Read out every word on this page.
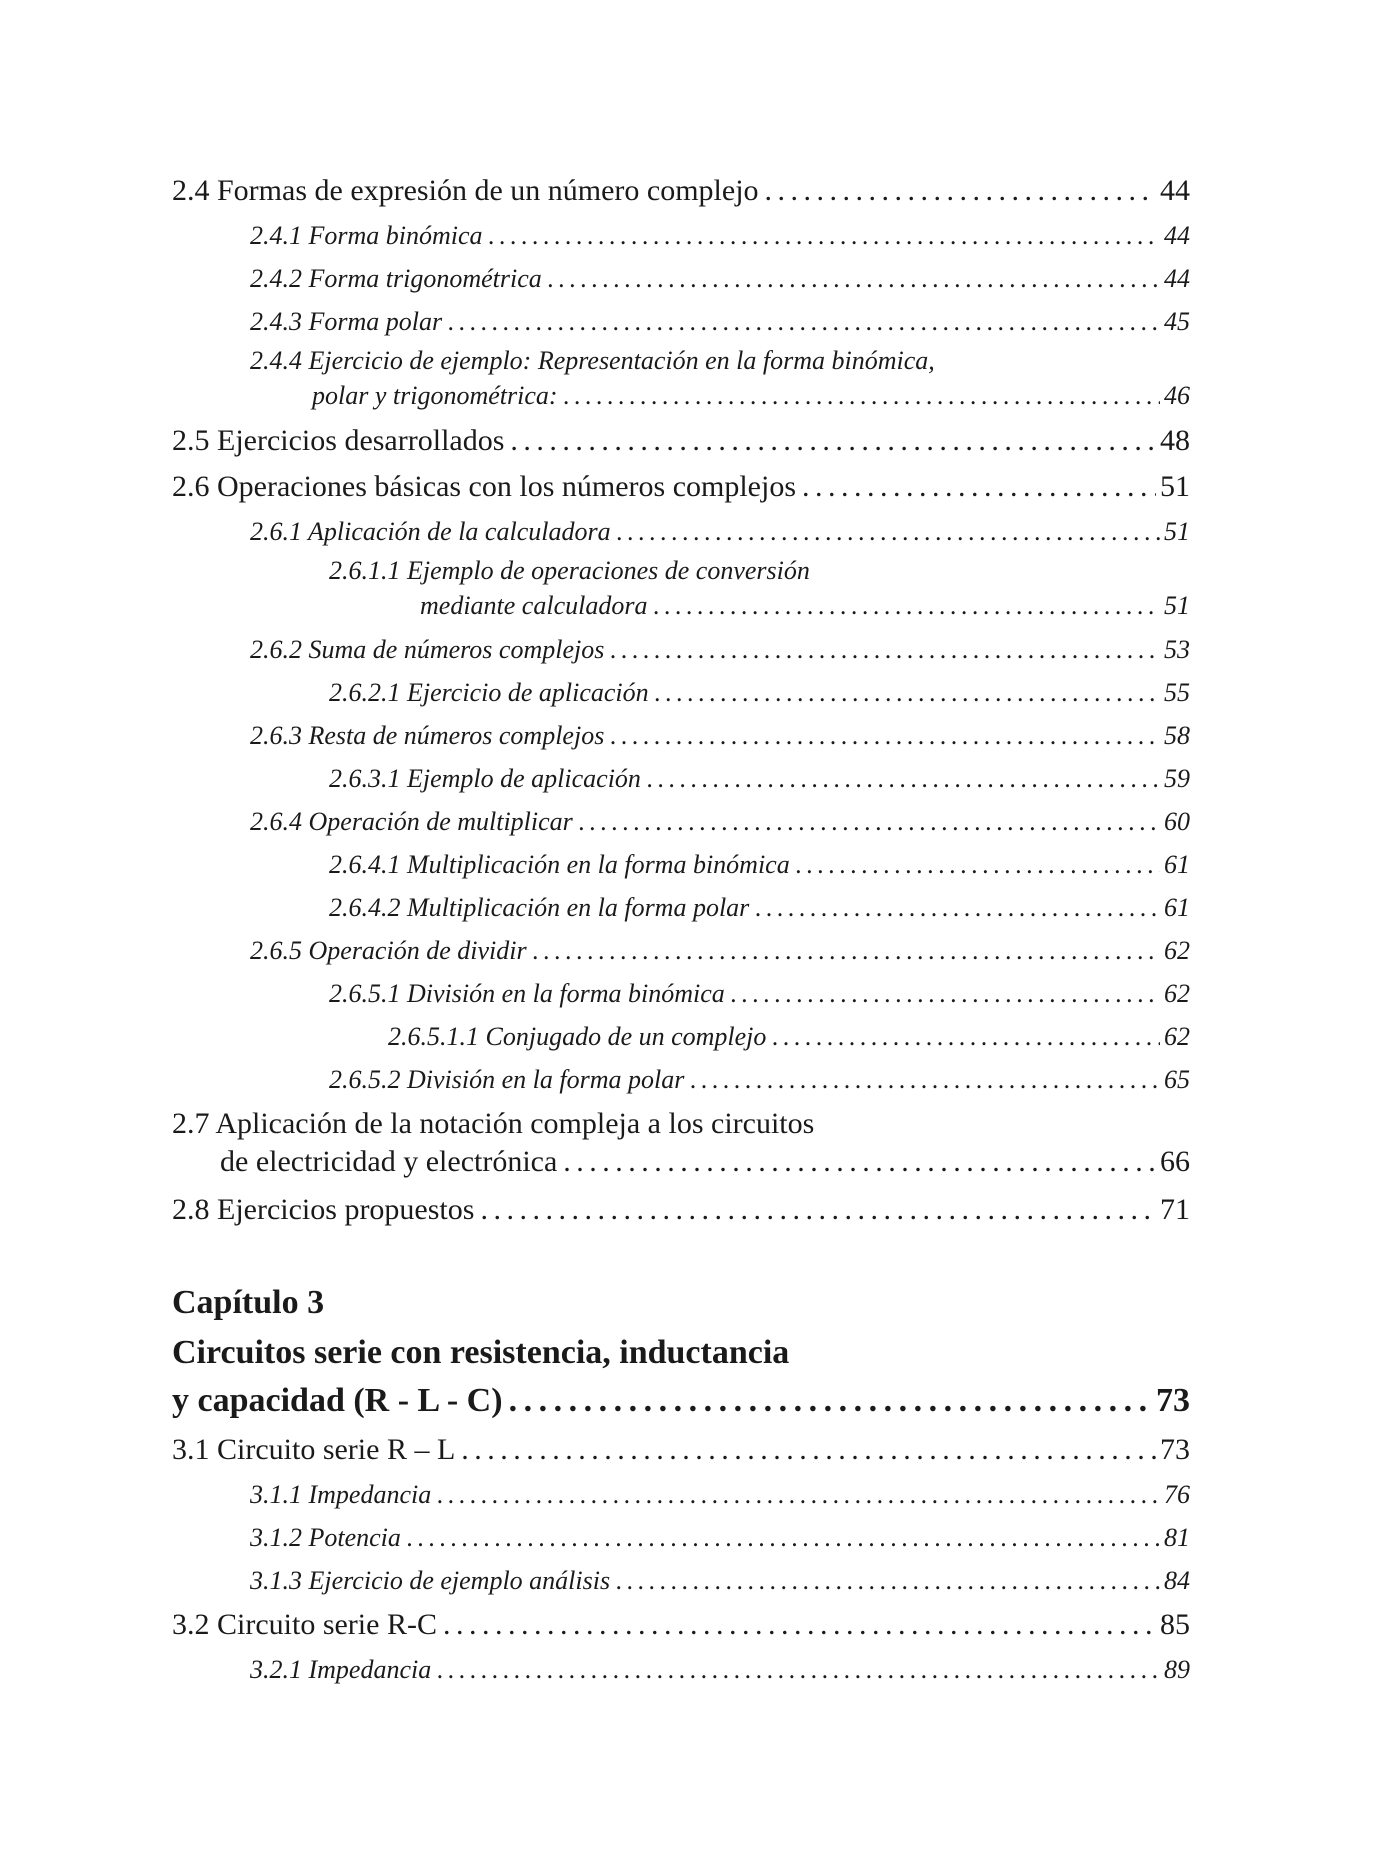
2.4 Formas de expresión de un número complejo . . .	44
2.4.1 Forma binómica . . .	44
2.4.2 Forma trigonométrica . . .	44
2.4.3 Forma polar . . .	45
2.4.4 Ejercicio de ejemplo: Representación en la forma binómica,
polar y trigonométrica: . . .	46
2.5 Ejercicios desarrollados . . .	48
2.6 Operaciones básicas con los números complejos . . .	51
2.6.1 Aplicación de la calculadora . . .	51
2.6.1.1 Ejemplo de operaciones de conversión
mediante calculadora . . .	51
2.6.2 Suma de números complejos . . .	53
2.6.2.1 Ejercicio de aplicación . . .	55
2.6.3 Resta de números complejos . . .	58
2.6.3.1 Ejemplo de aplicación . . .	59
2.6.4 Operación de multiplicar . . .	60
2.6.4.1 Multiplicación en la forma binómica . . .	61
2.6.4.2 Multiplicación en la forma polar . . .	61
2.6.5 Operación de dividir . . .	62
2.6.5.1 División en la forma binómica . . .	62
2.6.5.1.1 Conjugado de un complejo . . .	62
2.6.5.2 División en la forma polar . . .	65
2.7 Aplicación de la notación compleja a los circuitos
de electricidad y electrónica . . .	66
2.8 Ejercicios propuestos . . .	71
Capítulo 3
Circuitos serie con resistencia, inductancia
y capacidad (R - L - C) . . .	73
3.1 Circuito serie R – L . . .	73
3.1.1 Impedancia . . .	76
3.1.2 Potencia . . .	81
3.1.3 Ejercicio de ejemplo análisis . . .	84
3.2 Circuito serie R-C . . .	85
3.2.1 Impedancia . . .	89
